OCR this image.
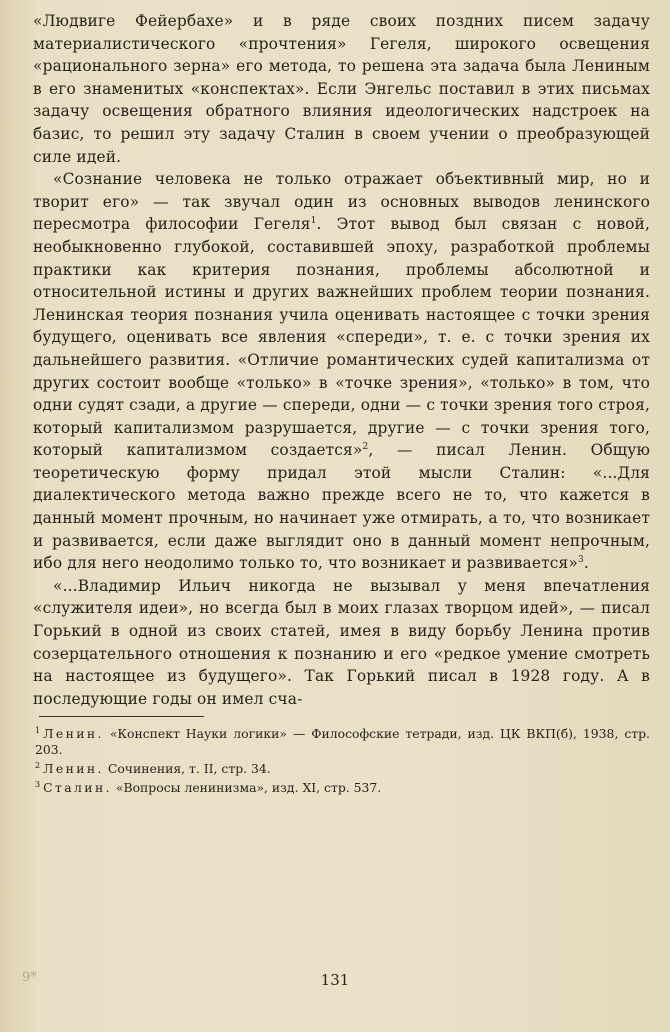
«Людвиге Фейербахе» и в ряде своих поздних писем задачу материалистического «прочтения» Гегеля, широкого освещения «рационального зерна» его метода, то решена эта задача была Лениным в его знаменитых «конспектах». Если Энгельс поставил в этих письмах задачу освещения обратного влияния идеологических надстроек на базис, то решил эту задачу Сталин в своем учении о преобразующей силе идей.

«Сознание человека не только отражает объективный мир, но и творит его» — так звучал один из основных выводов ленинского пересмотра философии Гегеля$^1$. Этот вывод был связан с новой, необыкновенно глубокой, составившей эпоху, разработкой проблемы практики как критерия познания, проблемы абсолютной и относительной истины и других важнейших проблем теории познания. Ленинская теория познания учила оценивать настоящее с точки зрения будущего, оценивать все явления «спереди», т. е. с точки зрения их дальнейшего развития. «Отличие романтических судей капитализма от других состоит вообще «только» в «точке зрения», «только» в том, что одни судят сзади, а другие — спереди, одни — с точки зрения того строя, который капитализмом разрушается, другие — с точки зрения того, который капитализмом создается»$^2$, — писал Ленин. Общую теоретическую форму придал этой мысли Сталин: «...Для диалектического метода важно прежде всего не то, что кажется в данный момент прочным, но начинает уже отмирать, а то, что возникает и развивается, если даже выглядит оно в данный момент непрочным, ибо для него неодолимо только то, что возникает и развивается»$^3$.

«...Владимир Ильич никогда не вызывал у меня впечатления «служителя идеи», но всегда был в моих глазах творцом идей», — писал Горький в одной из своих статей, имея в виду борьбу Ленина против созерцательного отношения к познанию и его «редкое умение смотреть на настоящее из будущего». Так Горький писал в 1928 году. А в последующие годы он имел сча-

$^1$ Ленин. «Конспект Науки логики» — Философские тетради, изд. ЦК ВКП(б), 1938, стр. 203.

$^2$ Ленин. Сочинения, т. II, стр. 34.

$^3$ Сталин. «Вопросы ленинизма», изд. XI, стр. 537.

9*	131
